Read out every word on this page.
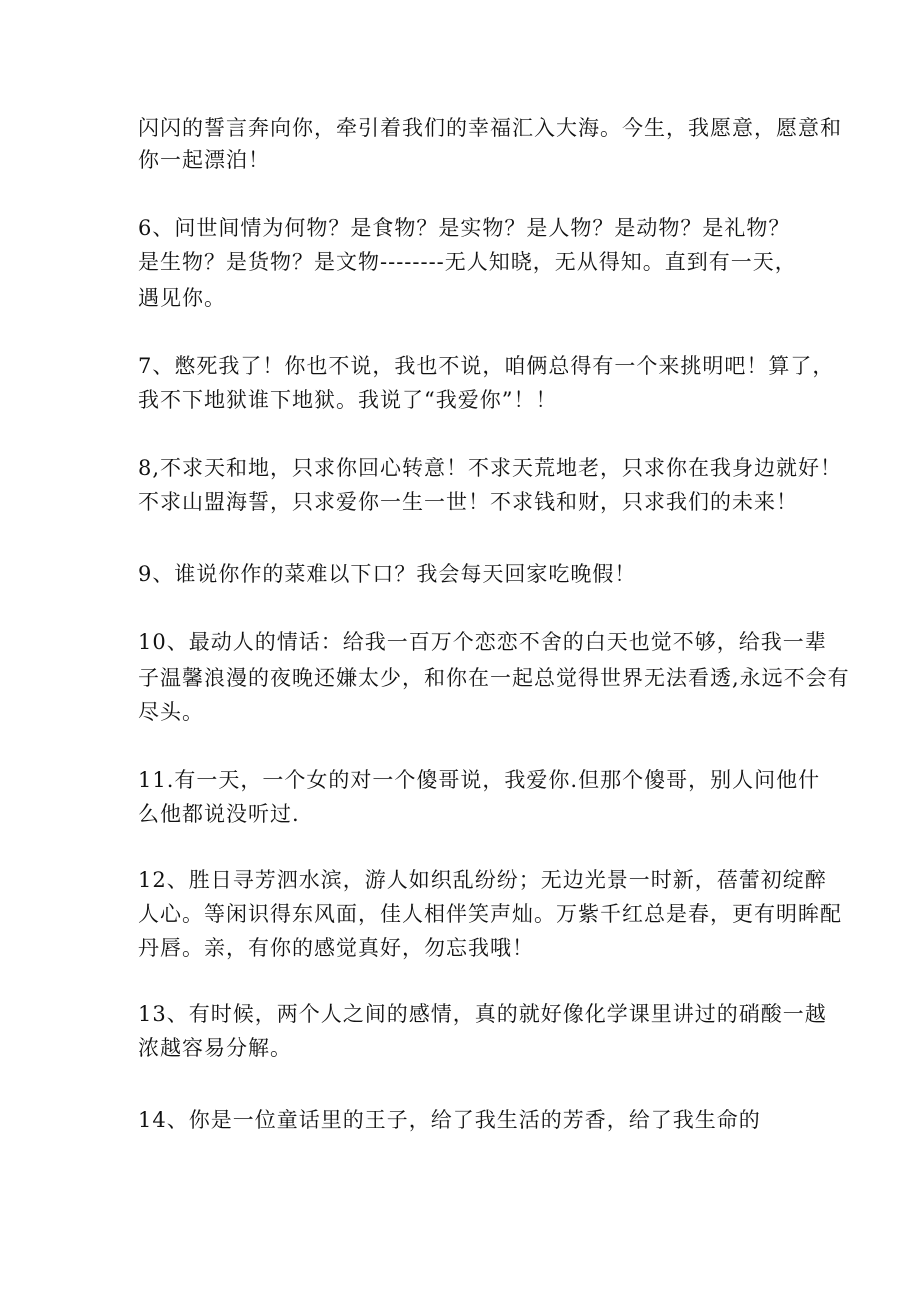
闪闪的誓言奔向你，牵引着我们的幸福汇入大海。今生，我愿意，愿意和
你一起漂泊！
6、问世间情为何物？是食物？是实物？是人物？是动物？是礼物？
是生物？是货物？是文物--------无人知晓，无从得知。直到有一天，
遇见你。
7、憋死我了！你也不说，我也不说，咱俩总得有一个来挑明吧！算了，
我不下地狱谁下地狱。我说了“我爱你”！！
8,不求天和地，只求你回心转意！不求天荒地老，只求你在我身边就好！
不求山盟海誓，只求爱你一生一世！不求钱和财，只求我们的未来！
9、谁说你作的菜难以下口？我会每天回家吃晚假！
10、最动人的情话：给我一百万个恋恋不舍的白天也觉不够，给我一辈
子温馨浪漫的夜晚还嫌太少，和你在一起总觉得世界无法看透,永远不会有
尽头。
11.有一天，一个女的对一个傻哥说，我爱你.但那个傻哥，别人问他什
么他都说没听过.
12、胜日寻芳泗水滨，游人如织乱纷纷；无边光景一时新，蓓蕾初绽醉
人心。等闲识得东风面，佳人相伴笑声灿。万紫千红总是春，更有明眸配
丹唇。亲，有你的感觉真好，勿忘我哦！
13、有时候，两个人之间的感情，真的就好像化学课里讲过的硝酸一越
浓越容易分解。
14、你是一位童话里的王子，给了我生活的芳香，给了我生命的
